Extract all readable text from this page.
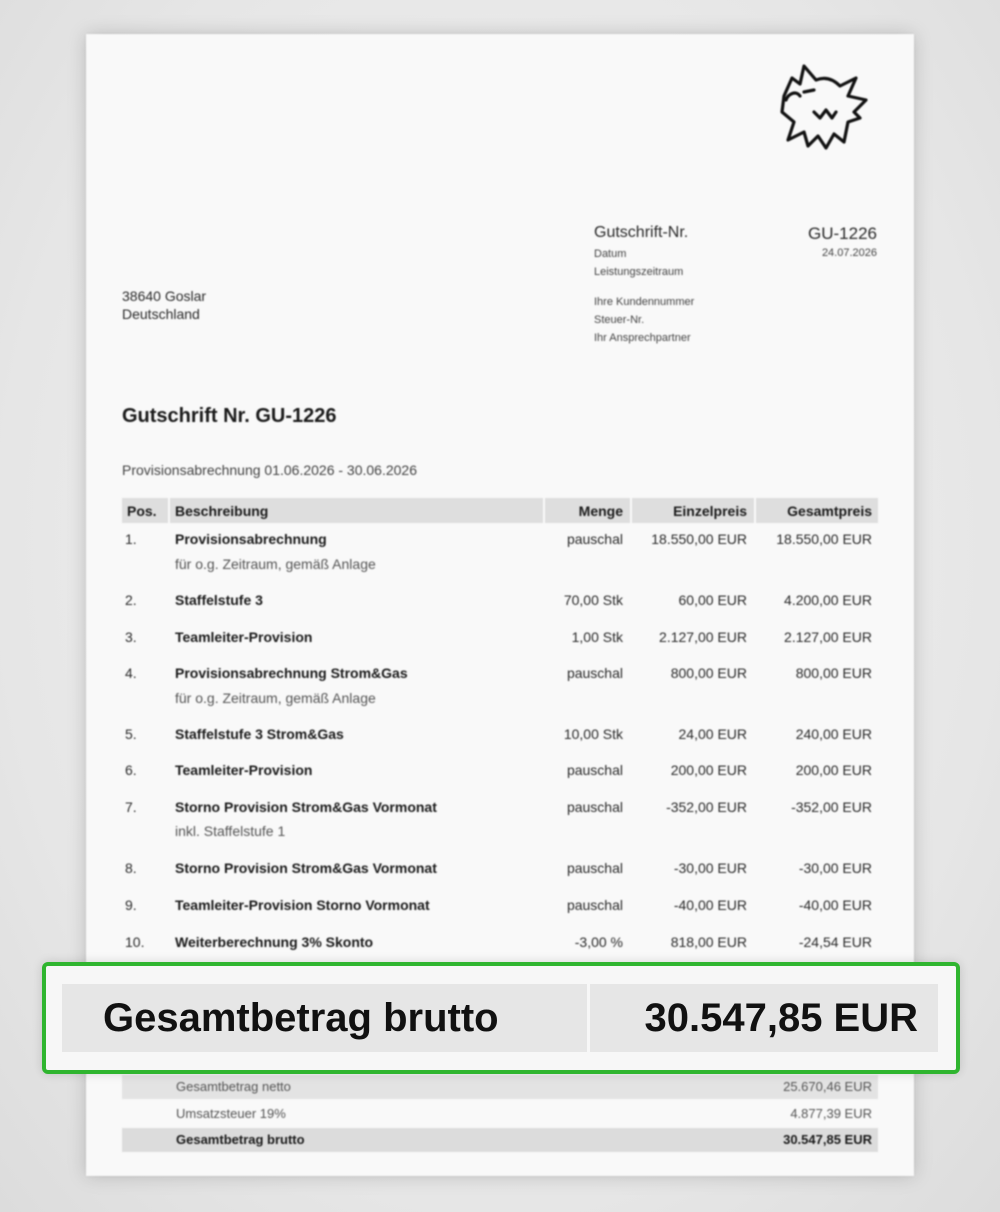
Gutschrift-Nr.	GU-1226
Datum	24.07.2026
Leistungszeitraum
Ihre Kundennummer
Steuer-Nr.
Ihr Ansprechpartner
38640 Goslar
Deutschland
Gutschrift Nr. GU-1226
Provisionsabrechnung 01.06.2026 - 30.06.2026
Pos. Beschreibung	Menge	Einzelpreis	Gesamtpreis
1.	Provisionsabrechnung
für o.g. Zeitraum, gemäß Anlage
pauschal 18.550,00 EUR 18.550,00 EUR
2.	Staffelstufe 3	70,00 Stk	60,00 EUR	4.200,00 EUR
3.	Teamleiter-Provision	1,00 Stk	2.127,00 EUR	2.127,00 EUR
4.	Provisionsabrechnung Strom&Gas
für o.g. Zeitraum, gemäß Anlage
pauschal	800,00 EUR	800,00 EUR
5.	Staffelstufe 3 Strom&Gas	10,00 Stk	24,00 EUR	240,00 EUR
6.	Teamleiter-Provision	pauschal	200,00 EUR	200,00 EUR
7.	Storno Provision Strom&Gas Vormonat
inkl. Staffelstufe 1
pauschal	-352,00 EUR	-352,00 EUR
8.	Storno Provision Strom&Gas Vormonat	pauschal	-30,00 EUR	-30,00 EUR
9.	Teamleiter-Provision Storno Vormonat	pauschal	-40,00 EUR	-40,00 EUR
10. Weiterberechnung 3% Skonto	-3,00 %	818,00 EUR	-24,54 EUR
Gesamtbetrag netto	25.670,46 EUR
Umsatzsteuer 19%	4.877,39 EUR
Gesamtbetrag brutto	30.547,85 EUR
Gesamtbetrag brutto	30.547,85 EUR
